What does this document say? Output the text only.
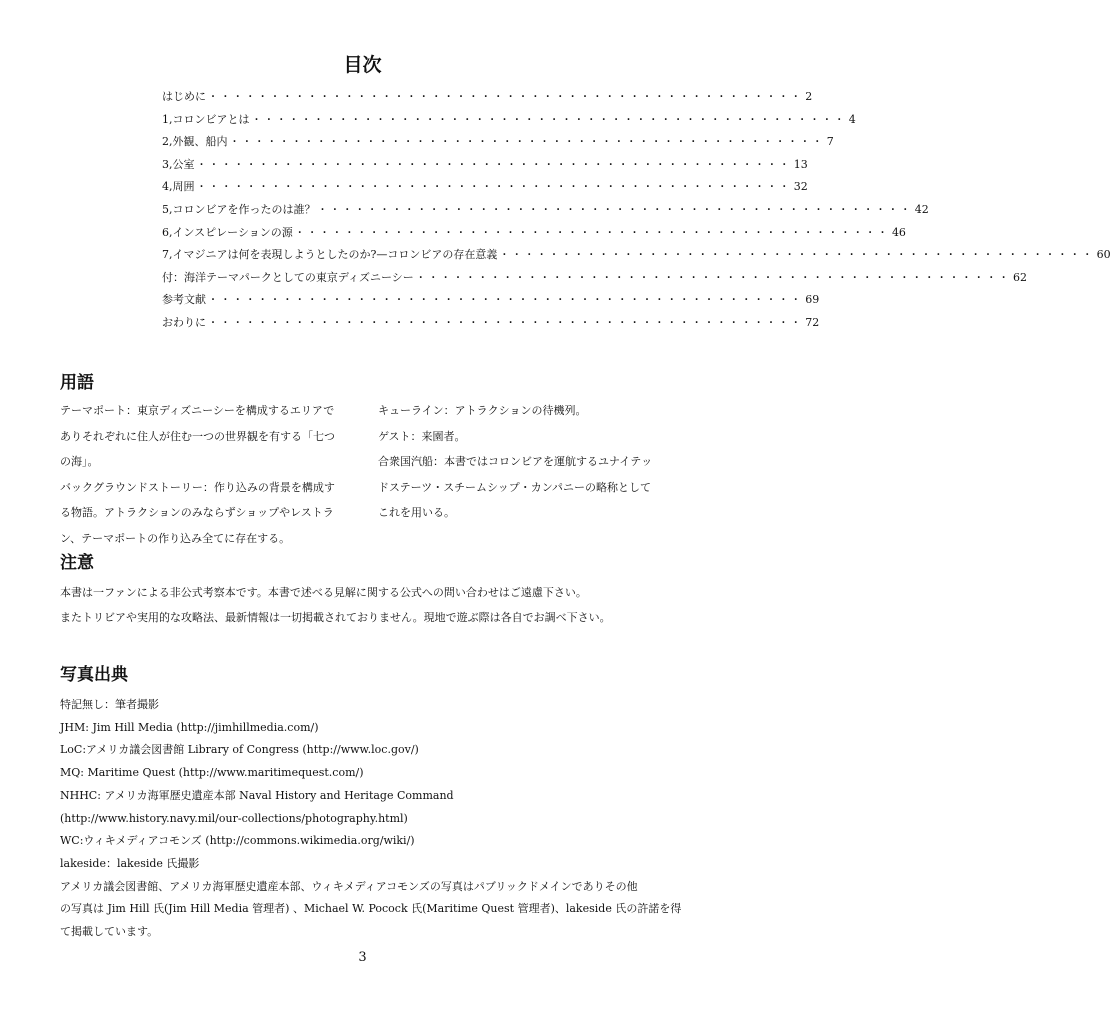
目次
はじめに ・・・・・・・・・・・・・・・・・・・・・・・・・・・・・・・・・・・・・・・・・・・・・・・・ 2
1,コロンビアとは ・・・・・・・・・・・・・・・・・・・・・・・・・・・・・・・・・・・・・・・・・・・・・・・・ 4
2,外観、船内 ・・・・・・・・・・・・・・・・・・・・・・・・・・・・・・・・・・・・・・・・・・・・・・・・ 7
3,公室 ・・・・・・・・・・・・・・・・・・・・・・・・・・・・・・・・・・・・・・・・・・・・・・・・ 13
4,周囲 ・・・・・・・・・・・・・・・・・・・・・・・・・・・・・・・・・・・・・・・・・・・・・・・・ 32
5,コロンビアを作ったのは誰？ ・・・・・・・・・・・・・・・・・・・・・・・・・・・・・・・・・・・・・・・・・・・・・・・・ 42
6,インスピレーションの源 ・・・・・・・・・・・・・・・・・・・・・・・・・・・・・・・・・・・・・・・・・・・・・・・・ 46
7,イマジニアは何を表現しようとしたのか?—コロンビアの存在意義 ・・・・・・・・・・・・・・・・・・・・・・・・・・・・・・・・・・・・・・・・・・・・・・・・ 60
付：海洋テーマパークとしての東京ディズニーシー ・・・・・・・・・・・・・・・・・・・・・・・・・・・・・・・・・・・・・・・・・・・・・・・・ 62
参考文献 ・・・・・・・・・・・・・・・・・・・・・・・・・・・・・・・・・・・・・・・・・・・・・・・・ 69
おわりに ・・・・・・・・・・・・・・・・・・・・・・・・・・・・・・・・・・・・・・・・・・・・・・・・ 72
用語

テーマポート：東京ディズニーシーを構成するエリアで

ありそれぞれに住人が住む一つの世界観を有する「七つ

の海」。

バックグラウンドストーリー：作り込みの背景を構成す

る物語。アトラクションのみならずショップやレストラ

ン、テーマポートの作り込み全てに存在する。

キューライン：アトラクションの待機列。

ゲスト：来園者。

合衆国汽船：本書ではコロンビアを運航するユナイテッ

ドステーツ・スチームシップ・カンパニーの略称として

これを用いる。

注意

本書は一ファンによる非公式考察本です。本書で述べる見解に関する公式への問い合わせはご遠慮下さい。

またトリビアや実用的な攻略法、最新情報は一切掲載されておりません。現地で遊ぶ際は各自でお調べ下さい。

写真出典

特記無し：筆者撮影

JHM: Jim Hill Media (http://jimhillmedia.com/)

LoC:アメリカ議会図書館 Library of Congress (http://www.loc.gov/)

MQ: Maritime Quest (http://www.maritimequest.com/)

NHHC: アメリカ海軍歴史遺産本部 Naval History and Heritage Command

(http://www.history.navy.mil/our-collections/photography.html)

WC:ウィキメディアコモンズ (http://commons.wikimedia.org/wiki/)

lakeside：lakeside 氏撮影

アメリカ議会図書館、アメリカ海軍歴史遺産本部、ウィキメディアコモンズの写真はパブリックドメインでありその他

の写真は Jim Hill 氏(Jim Hill Media 管理者) 、Michael W. Pocock 氏(Maritime Quest 管理者)、lakeside 氏の許諾を得

て掲載しています。

3
